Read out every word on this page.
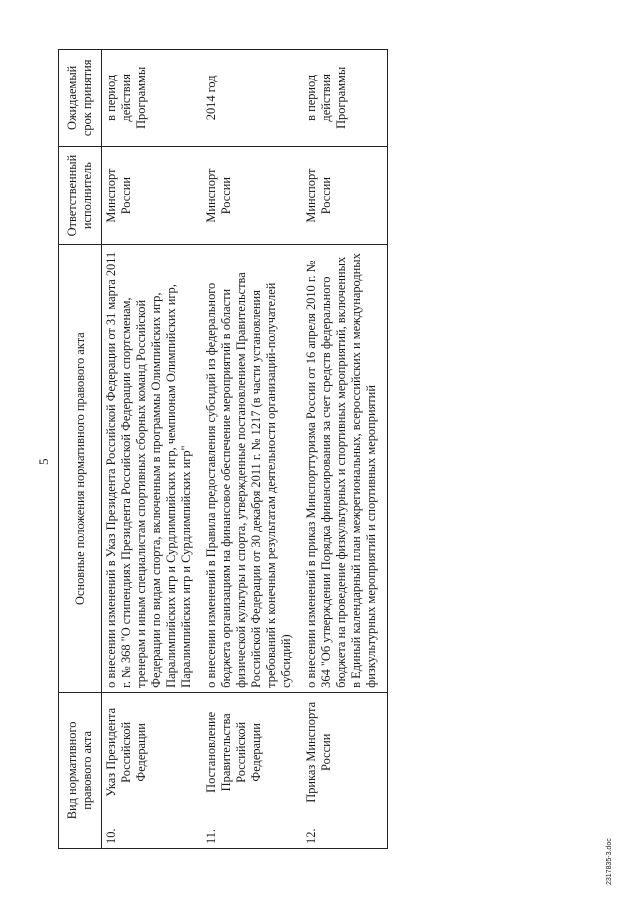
5
Вид нормативного правового акта		Основные положения нормативного правового акта	Ответственный исполнитель	Ожидаемый срок принятия
10.	Указ Президента Российской Федерации	о внесении изменений в Указ Президента Российской Федерации от 31 марта 2011 г. № 368 "О стипендиях Президента Российской Федерации спортсменам, тренерам и иным специалистам спортивных сборных команд Российской Федерации по видам спорта, включенным в программы Олимпийских игр, Паралимпийских игр и Сурдлимпийских игр, чемпионам Олимпийских игр, Паралимпийских игр и Сурдлимпийских игр"	Минспорт России	в период действия Программы
11.	Постановление Правительства Российской Федерации	о внесении изменений в Правила предоставления субсидий из федерального бюджета организациям на финансовое обеспечение мероприятий в области физической культуры и спорта, утвержденные постановлением Правительства Российской Федерации от 30 декабря 2011 г. № 1217 (в части установления требований к конечным результатам деятельности организаций-получателей субсидий)	Минспорт России	2014 год
12.	Приказ Минспорта России	о внесении изменений в приказ Минспорттуризма России от 16 апреля 2010 г. № 364 "Об утверждении Порядка финансирования за счет средств федерального бюджета на проведение физкультурных и спортивных мероприятий, включенных в Единый календарный план межрегиональных, всероссийских и международных физкультурных мероприятий и спортивных мероприятий	Минспорт России	в период действия Программы
2317835-3.doc
